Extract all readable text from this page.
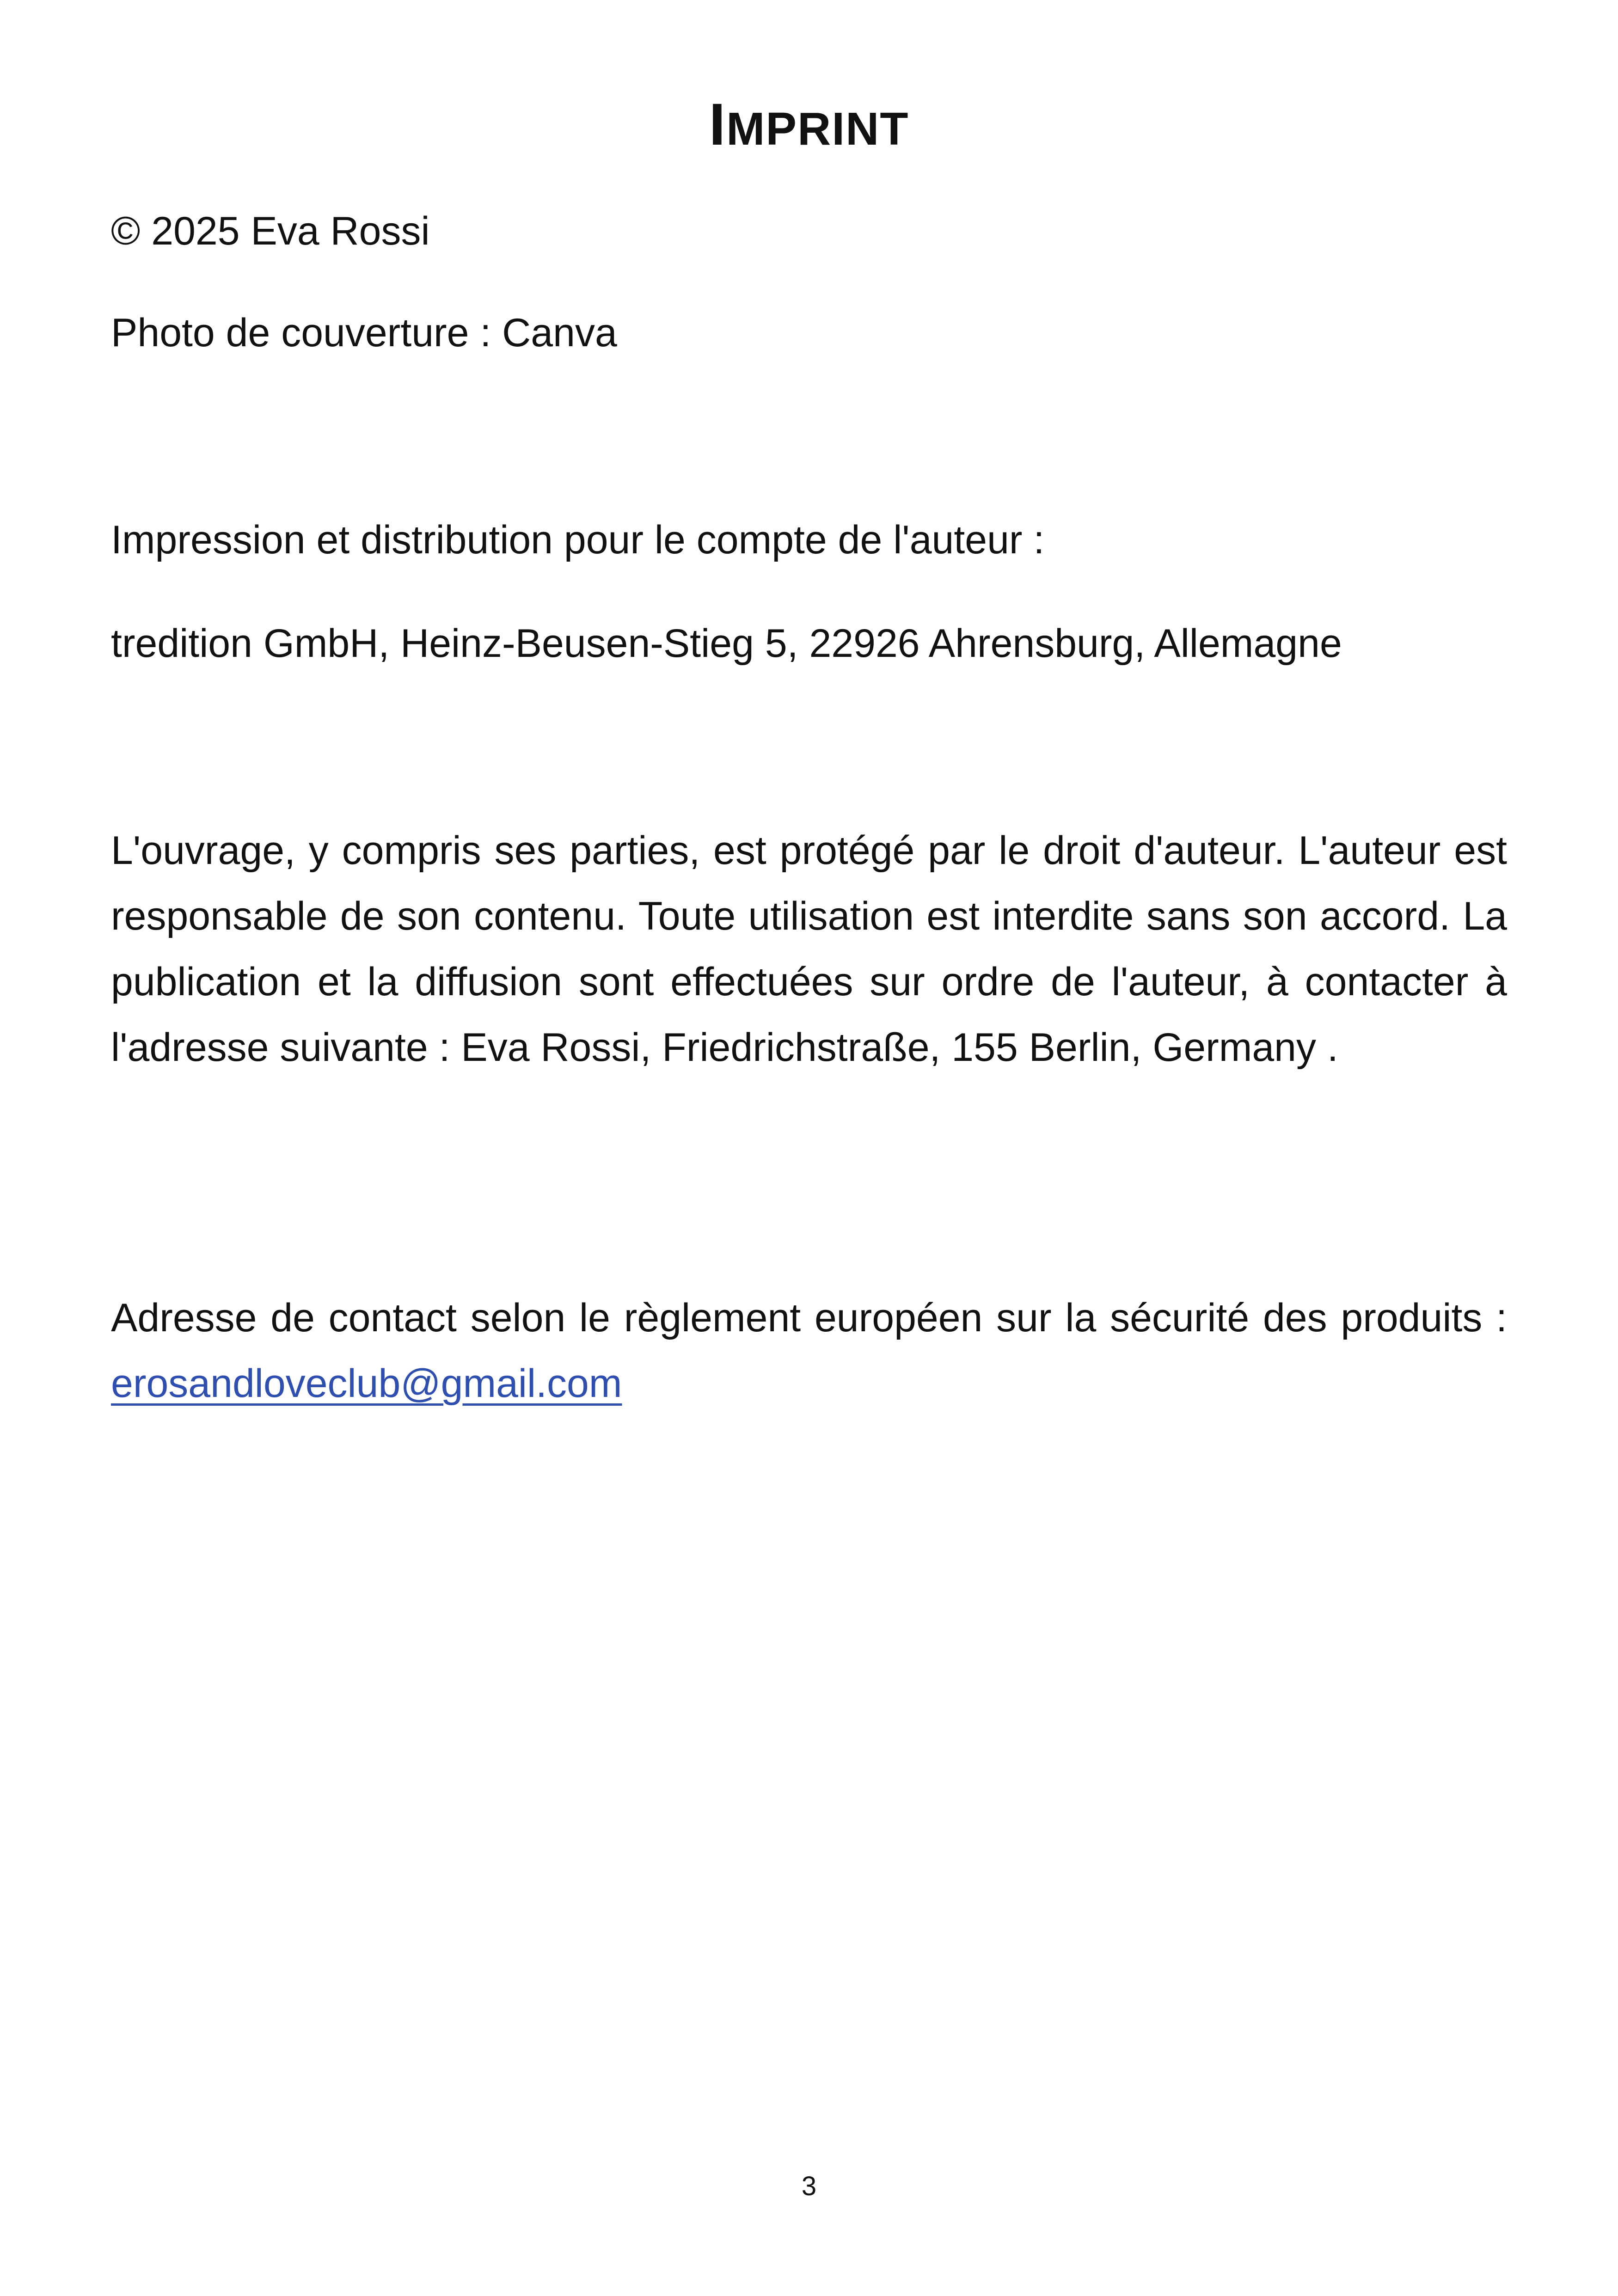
IMPRINT
© 2025 Eva Rossi
Photo de couverture : Canva
Impression et distribution pour le compte de l'auteur :
tredition GmbH, Heinz-Beusen-Stieg 5, 22926 Ahrensburg, Allemagne
L'ouvrage, y compris ses parties, est protégé par le droit d'auteur. L'auteur est responsable de son contenu. Toute utilisation est interdite sans son accord. La publication et la diffusion sont effectuées sur ordre de l'auteur, à contacter à l'adresse suivante : Eva Rossi, Friedrichstraße, 155 Berlin, Germany .
Adresse de contact selon le règlement européen sur la sécurité des produits : erosandloveclub@gmail.com
3
